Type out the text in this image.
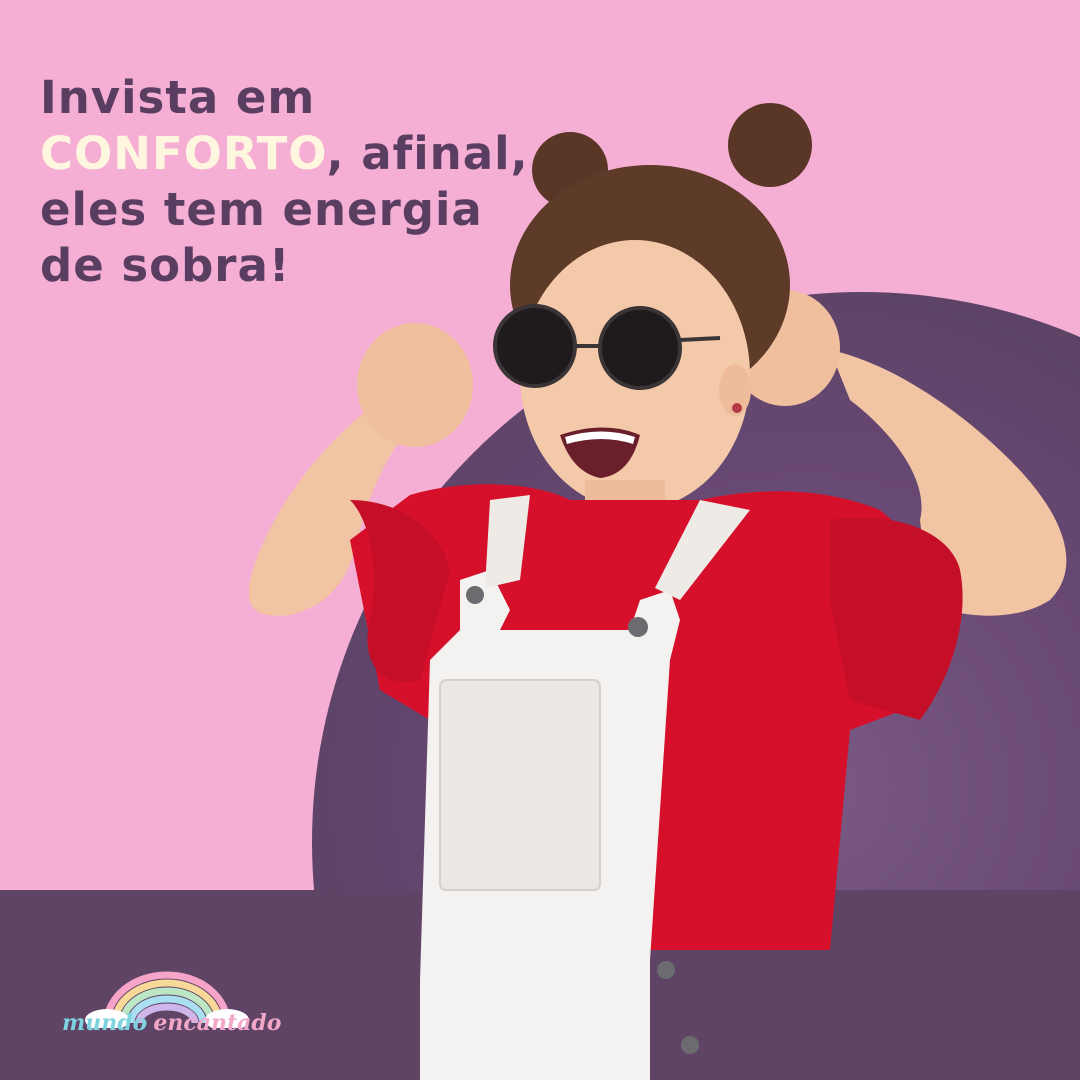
Invista em
CONFORTO, afinal,
eles tem energia
de sobra!
mundo encantado
